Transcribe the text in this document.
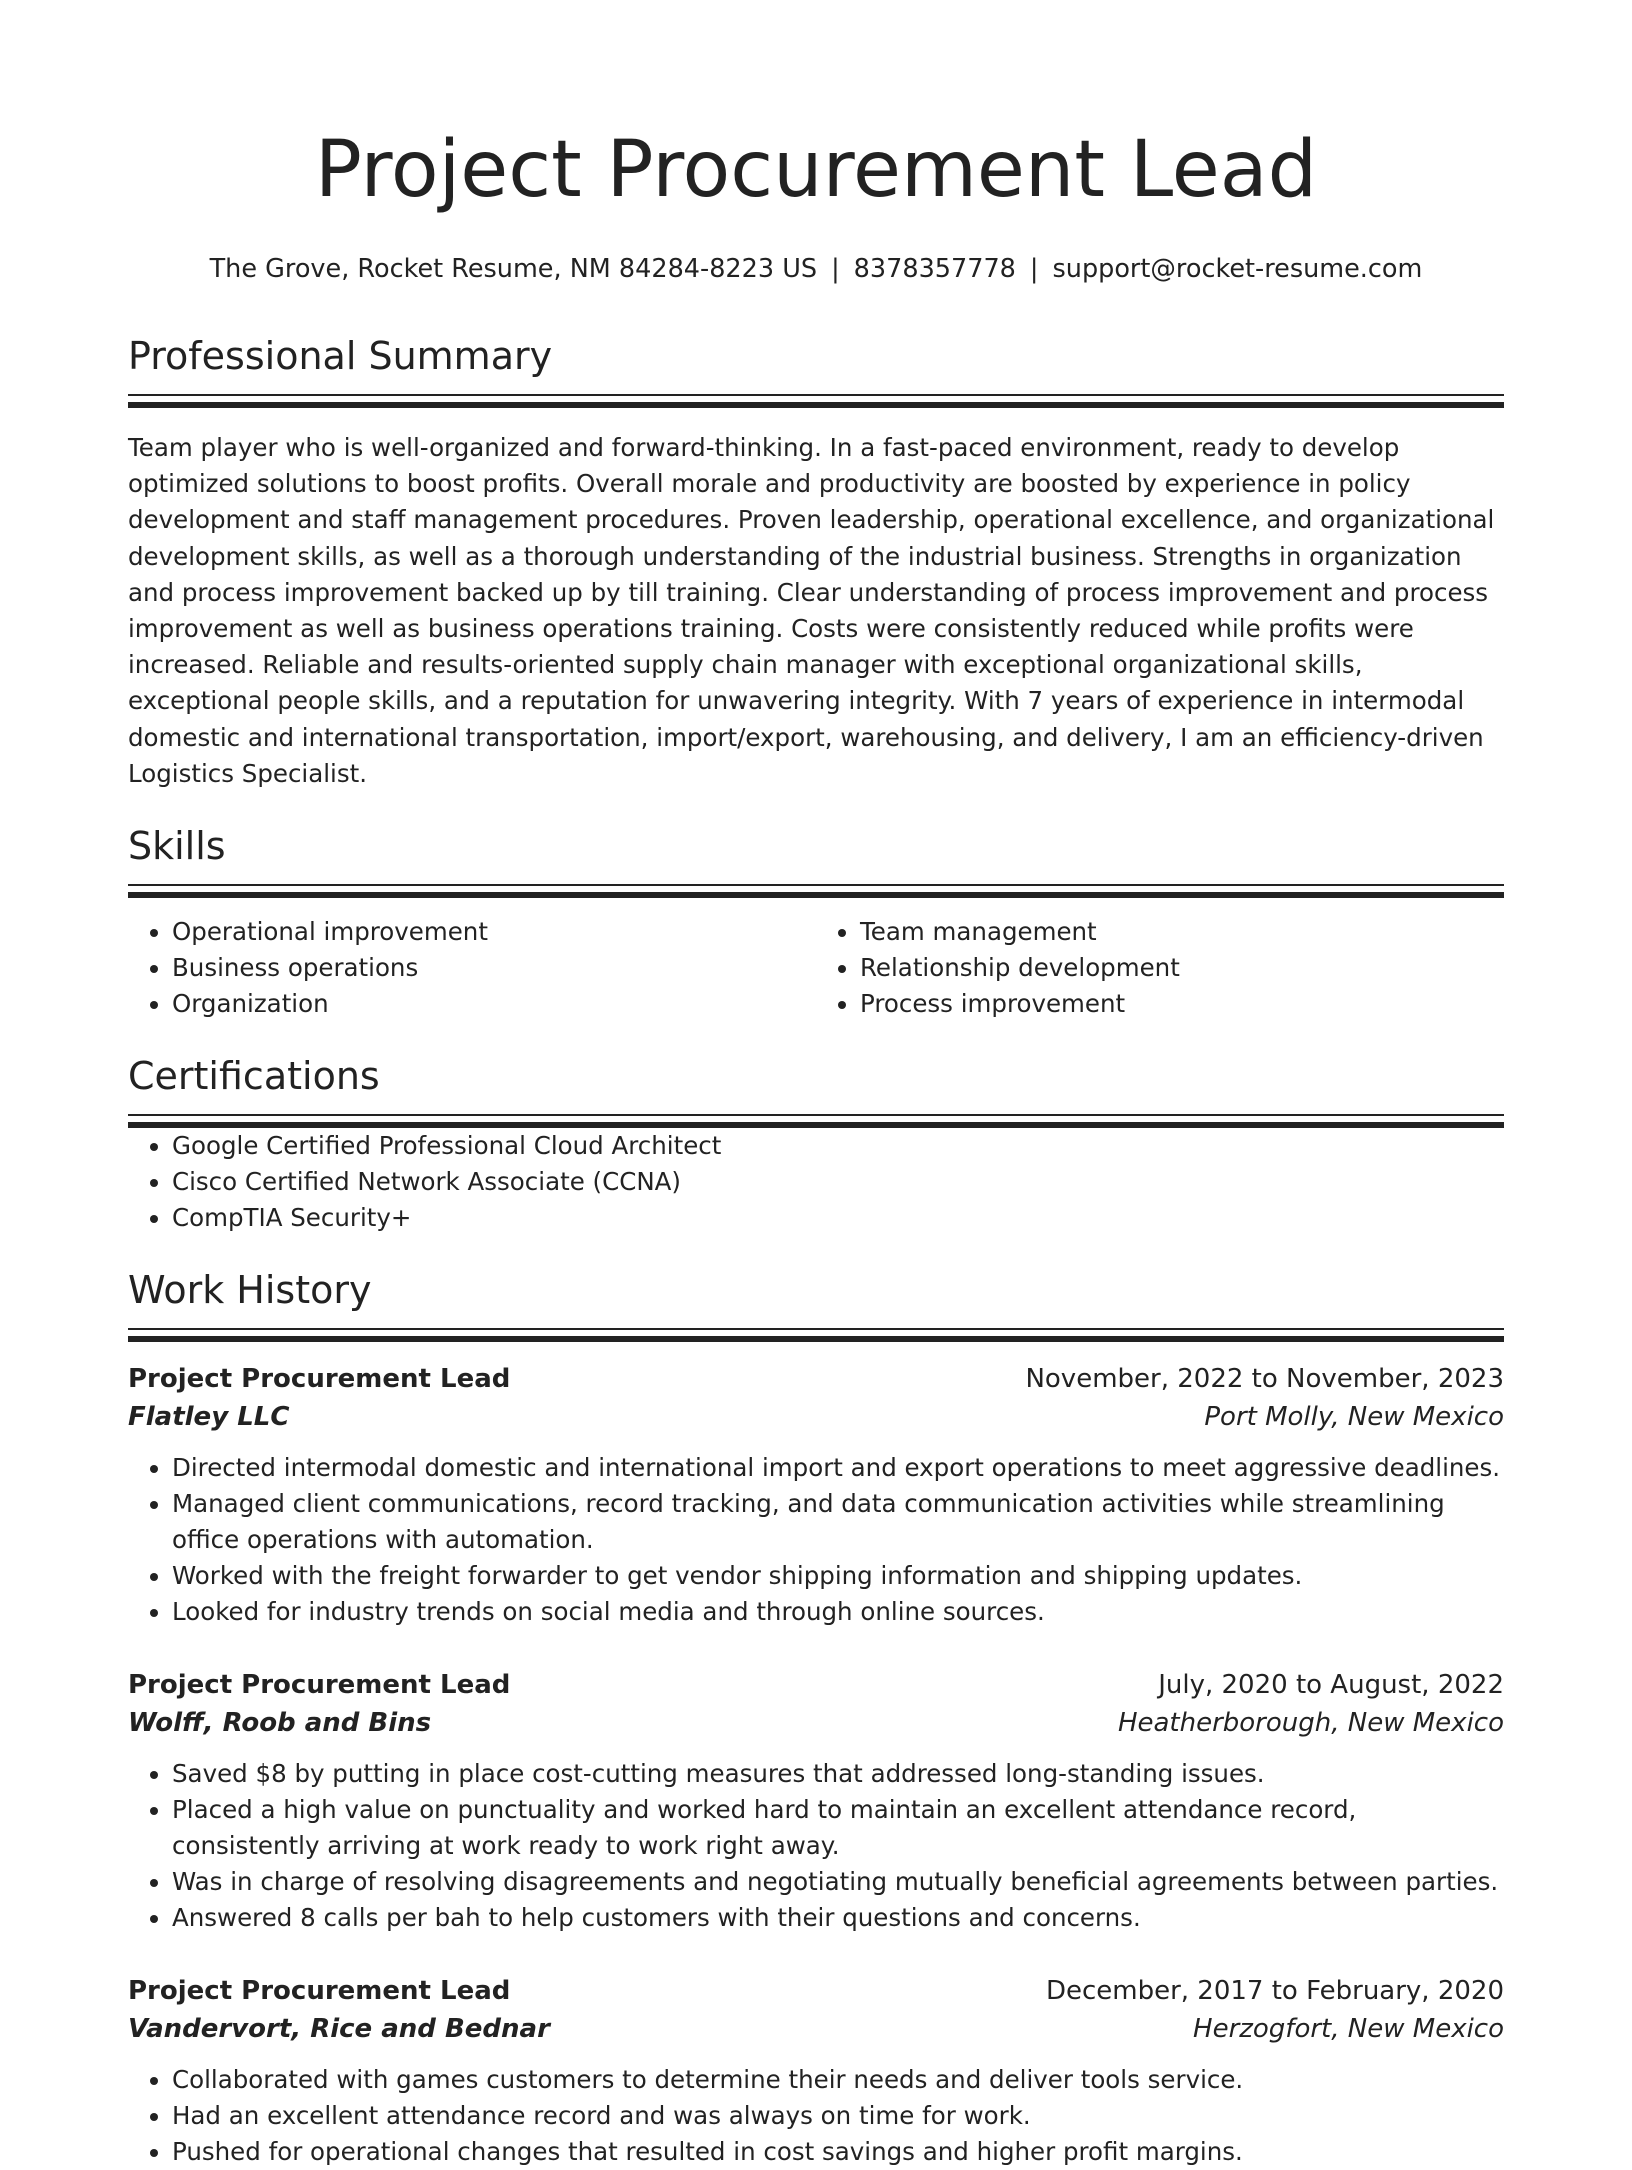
Project Procurement Lead
The Grove, Rocket Resume, NM 84284-8223 US | 8378357778 | support@rocket-resume.com
Professional Summary

Team player who is well-organized and forward-thinking. In a fast-paced environment, ready to develop optimized solutions to boost profits. Overall morale and productivity are boosted by experience in policy development and staff management procedures. Proven leadership, operational excellence, and organizational development skills, as well as a thorough understanding of the industrial business. Strengths in organization and process improvement backed up by till training. Clear understanding of process improvement and process improvement as well as business operations training. Costs were consistently reduced while profits were increased. Reliable and results-oriented supply chain manager with exceptional organizational skills, exceptional people skills, and a reputation for unwavering integrity. With 7 years of experience in intermodal domestic and international transportation, import/export, warehousing, and delivery, I am an efficiency-driven Logistics Specialist.

Skills
• Operational improvement
• Business operations
• Organization
• Team management
• Relationship development
• Process improvement
Certifications
• Google Certified Professional Cloud Architect
• Cisco Certified Network Associate (CCNA)
• CompTIA Security+
Work History
Project Procurement Lead	November, 2022 to November, 2023
Flatley LLC	Port Molly, New Mexico
• Directed intermodal domestic and international import and export operations to meet aggressive deadlines.
• Managed client communications, record tracking, and data communication activities while streamlining office operations with automation.
• Worked with the freight forwarder to get vendor shipping information and shipping updates.
• Looked for industry trends on social media and through online sources.
Project Procurement Lead	July, 2020 to August, 2022
Wolff, Roob and Bins	Heatherborough, New Mexico
• Saved $8 by putting in place cost-cutting measures that addressed long-standing issues.
• Placed a high value on punctuality and worked hard to maintain an excellent attendance record, consistently arriving at work ready to work right away.
• Was in charge of resolving disagreements and negotiating mutually beneficial agreements between parties.
• Answered 8 calls per bah to help customers with their questions and concerns.
Project Procurement Lead	December, 2017 to February, 2020
Vandervort, Rice and Bednar	Herzogfort, New Mexico
• Collaborated with games customers to determine their needs and deliver tools service.
• Had an excellent attendance record and was always on time for work.
• Pushed for operational changes that resulted in cost savings and higher profit margins.
